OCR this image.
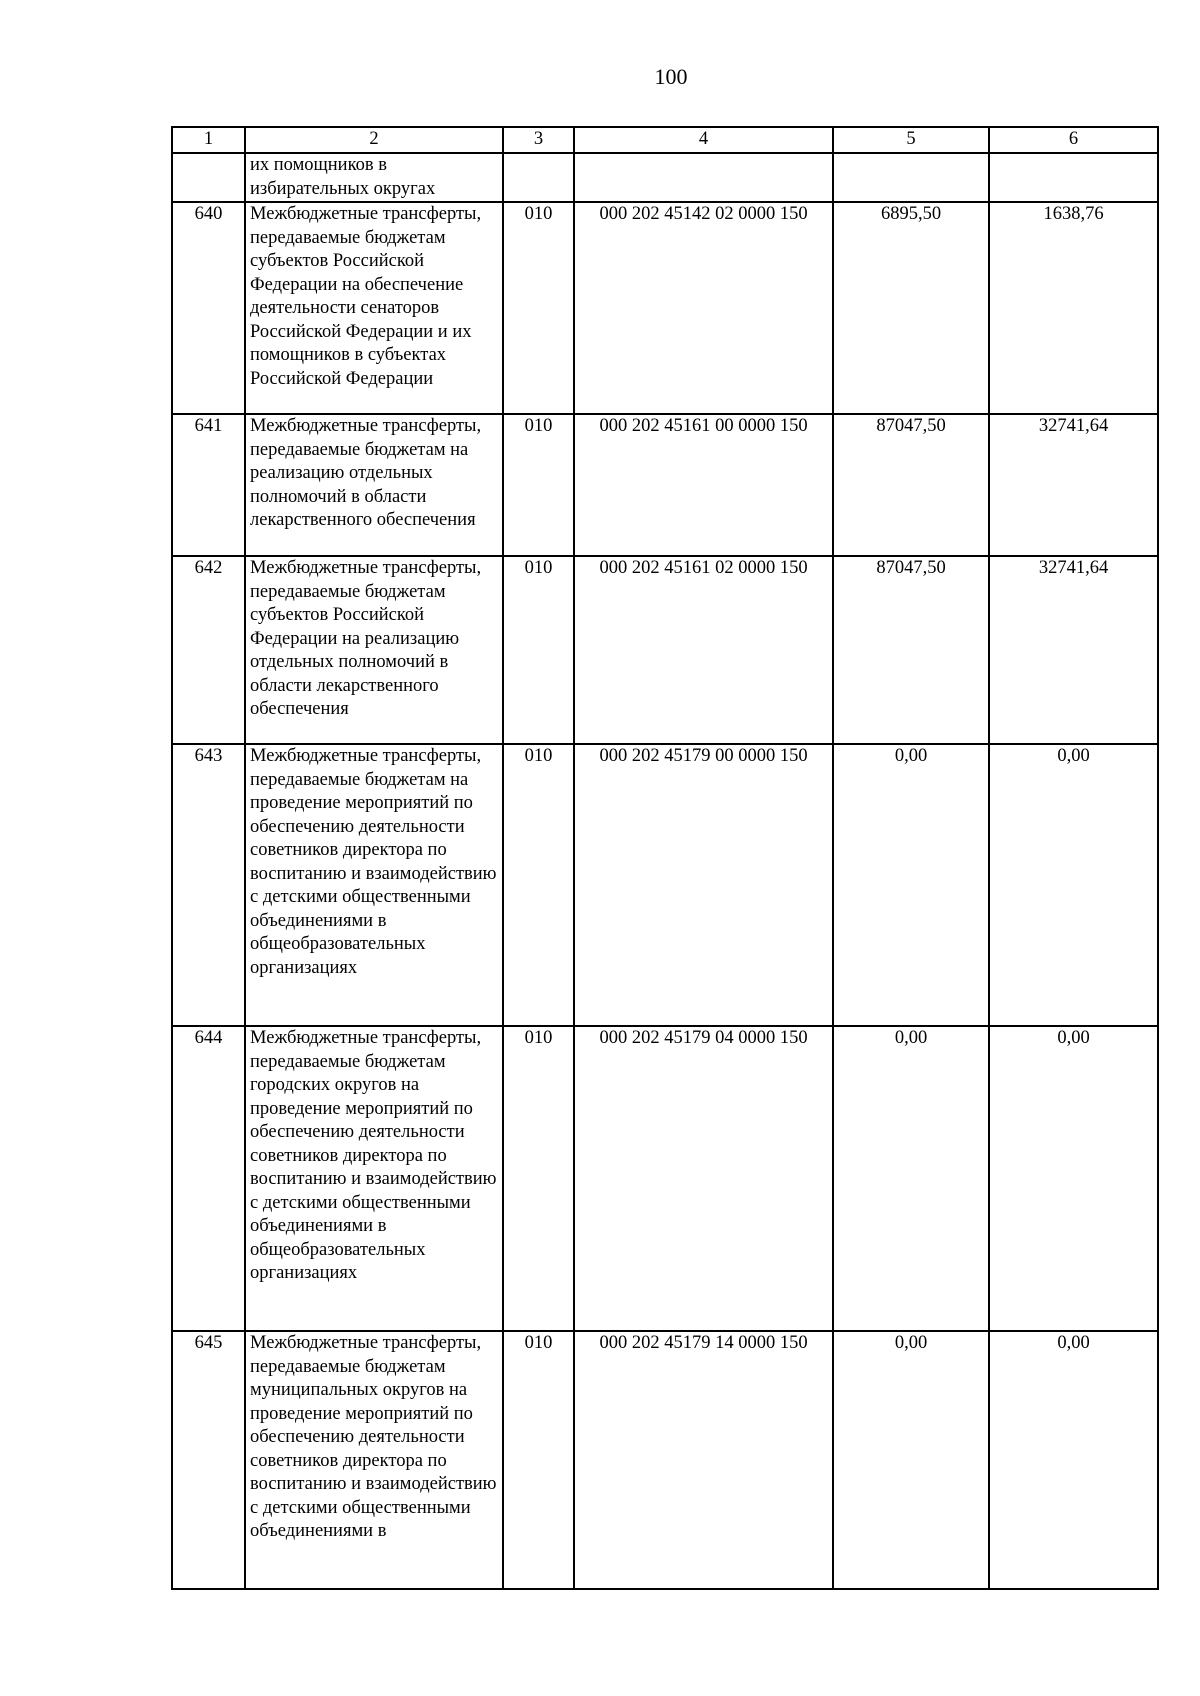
100
1	2	3	4	5	6
	их помощников в избирательных округах				
640	Межбюджетные трансферты, передаваемые бюджетам субъектов Российской Федерации на обеспечение деятельности сенаторов Российской Федерации и их помощников в субъектах Российской Федерации	010	000 202 45142 02 0000 150	6895,50	1638,76
641	Межбюджетные трансферты, передаваемые бюджетам на реализацию отдельных полномочий в области лекарственного обеспечения	010	000 202 45161 00 0000 150	87047,50	32741,64
642	Межбюджетные трансферты, передаваемые бюджетам субъектов Российской Федерации на реализацию отдельных полномочий в области лекарственного обеспечения	010	000 202 45161 02 0000 150	87047,50	32741,64
643	Межбюджетные трансферты, передаваемые бюджетам на проведение мероприятий по обеспечению деятельности советников директора по воспитанию и взаимодействию с детскими общественными объединениями в общеобразовательных организациях	010	000 202 45179 00 0000 150	0,00	0,00
644	Межбюджетные трансферты, передаваемые бюджетам городских округов на проведение мероприятий по обеспечению деятельности советников директора по воспитанию и взаимодействию с детскими общественными объединениями в общеобразовательных организациях	010	000 202 45179 04 0000 150	0,00	0,00
645	Межбюджетные трансферты, передаваемые бюджетам муниципальных округов на проведение мероприятий по обеспечению деятельности советников директора по воспитанию и взаимодействию с детскими общественными объединениями в	010	000 202 45179 14 0000 150	0,00	0,00
